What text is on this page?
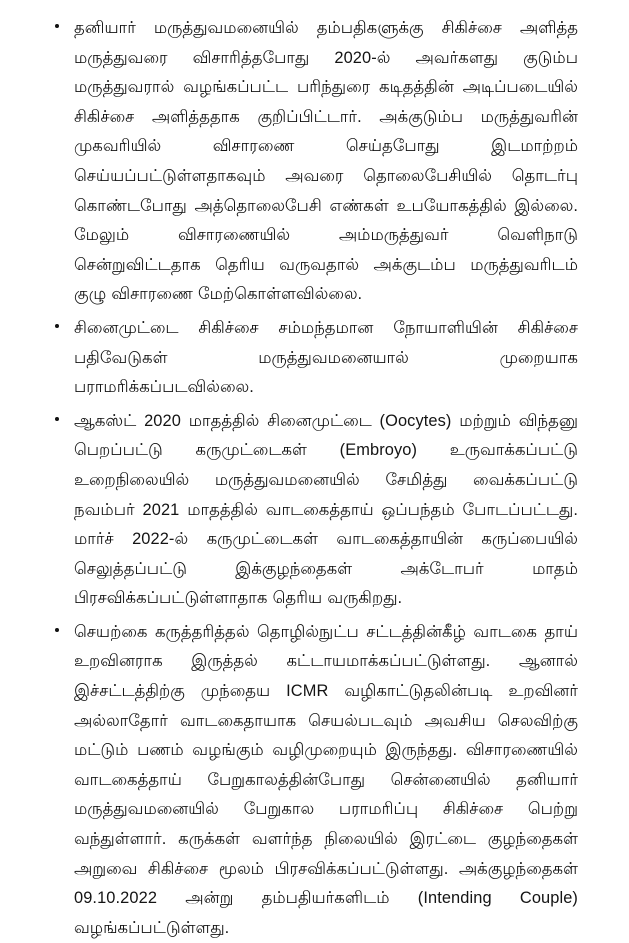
தனியார் மருத்துவமனையில் தம்பதிகளுக்கு சிகிச்சை அளித்த மருத்துவரை விசாரித்தபோது 2020-ல் அவர்களது குடும்ப மருத்துவரால் வழங்கப்பட்ட பரிந்துரை கடிதத்தின் அடிப்படையில் சிகிச்சை அளித்ததாக குறிப்பிட்டார். அக்குடும்ப மருத்துவரின் முகவரியில் விசாரணை செய்தபோது இடமாற்றம் செய்யப்பட்டுள்ளதாகவும் அவரை தொலைபேசியில் தொடர்பு கொண்டபோது அத்தொலைபேசி எண்கள் உபயோகத்தில் இல்லை. மேலும் விசாரணையில் அம்மருத்துவர் வெளிநாடு சென்றுவிட்டதாக தெரிய வருவதால் அக்குடம்ப மருத்துவரிடம் குழு விசாரணை மேற்கொள்ளவில்லை.

சினைமுட்டை சிகிச்சை சம்மந்தமான நோயாளியின் சிகிச்சை பதிவேடுகள் மருத்துவமனையால் முறையாக பராமரிக்கப்படவில்லை.

ஆகஸ்ட் 2020 மாதத்தில் சினைமுட்டை (Oocytes) மற்றும் விந்தனு பெறப்பட்டு கருமுட்டைகள் (Embroyo) உருவாக்கப்பட்டு உறைநிலையில் மருத்துவமனையில் சேமித்து வைக்கப்பட்டு நவம்பர் 2021 மாதத்தில் வாடகைத்தாய் ஒப்பந்தம் போடப்பட்டது. மார்ச் 2022-ல் கருமுட்டைகள் வாடகைத்தாயின் கருப்பையில் செலுத்தப்பட்டு இக்குழந்தைகள் அக்டோபர் மாதம் பிரசவிக்கப்பட்டுள்ளாதாக தெரிய வருகிறது.

செயற்கை கருத்தரித்தல் தொழில்நுட்ப சட்டத்தின்கீழ் வாடகை தாய் உறவினராக இருத்தல் கட்டாயமாக்கப்பட்டுள்ளது. ஆனால் இச்சட்டத்திற்கு முந்தைய ICMR வழிகாட்டுதலின்படி உறவினர் அல்லாதோர் வாடகைதாயாக செயல்படவும் அவசிய செலவிற்கு மட்டும் பணம் வழங்கும் வழிமுறையும் இருந்தது. விசாரணையில் வாடகைத்தாய் பேறுகாலத்தின்போது சென்னையில் தனியார் மருத்துவமனையில் பேறுகால பராமரிப்பு சிகிச்சை பெற்று வந்துள்ளார். கருக்கள் வளர்ந்த நிலையில் இரட்டை குழந்தைகள் அறுவை சிகிச்சை மூலம் பிரசவிக்கப்பட்டுள்ளது. அக்குழந்தைகள் 09.10.2022 அன்று தம்பதியர்களிடம் (Intending Couple) வழங்கப்பட்டுள்ளது.
